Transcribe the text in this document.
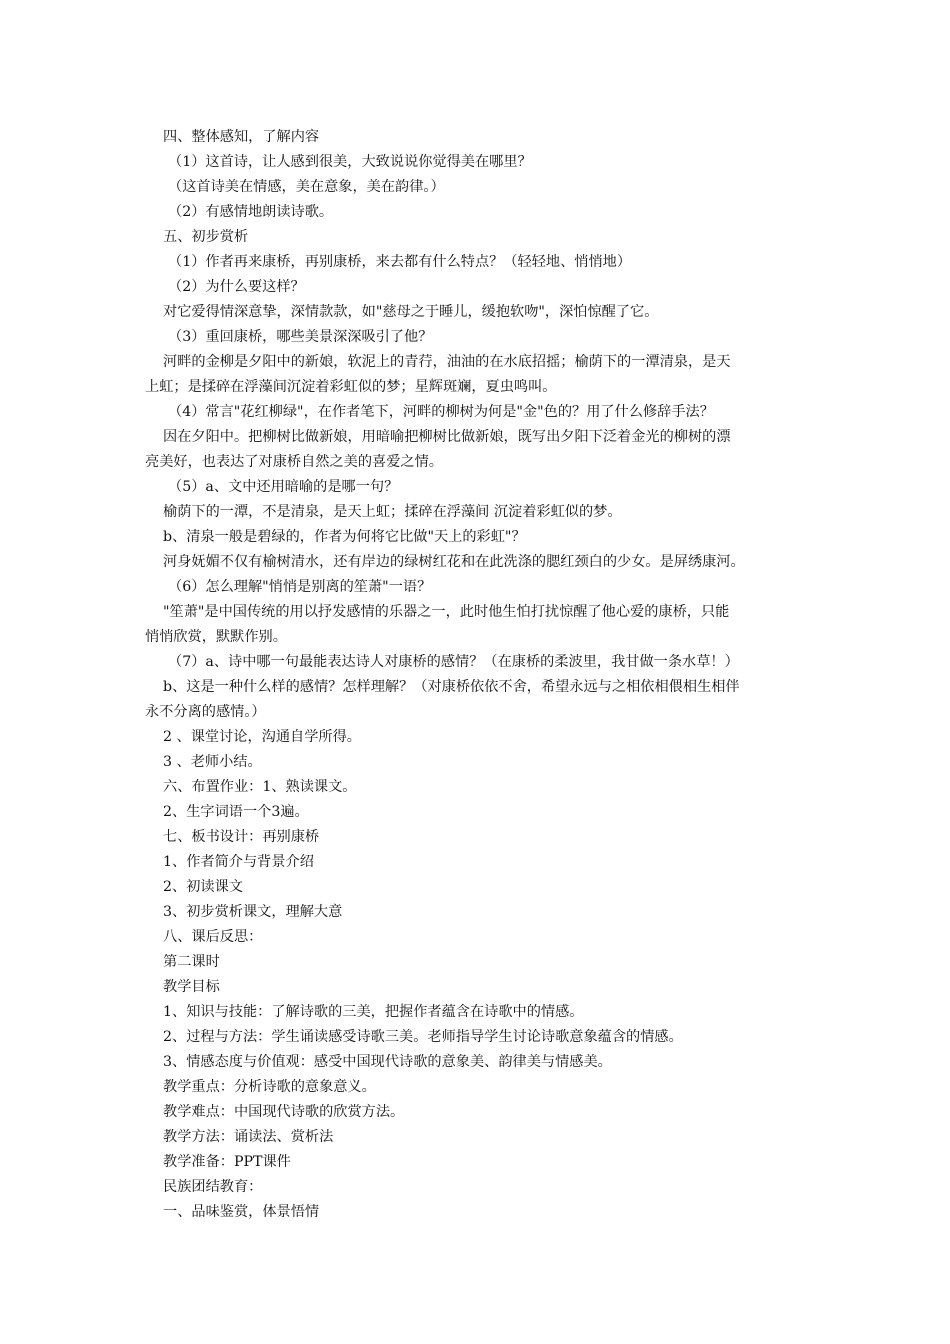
四、整体感知，了解内容
（1）这首诗，让人感到很美，大致说说你觉得美在哪里？
（这首诗美在情感，美在意象，美在韵律。）
（2）有感情地朗读诗歌。
五、初步赏析
（1）作者再来康桥，再别康桥，来去都有什么特点？（轻轻地、悄悄地）
（2）为什么要这样？
对它爱得情深意挚，深情款款，如"慈母之于睡儿，缓抱软吻"，深怕惊醒了它。
（3）重回康桥，哪些美景深深吸引了他？
河畔的金柳是夕阳中的新娘，软泥上的青荇，油油的在水底招摇；榆荫下的一潭清泉，是天
上虹；是揉碎在浮藻间沉淀着彩虹似的梦；星辉斑斓，夏虫鸣叫。
（4）常言"花红柳绿"，在作者笔下，河畔的柳树为何是"金"色的？用了什么修辞手法？
因在夕阳中。把柳树比做新娘，用暗喻把柳树比做新娘，既写出夕阳下泛着金光的柳树的漂
亮美好，也表达了对康桥自然之美的喜爱之情。
（5）a、文中还用暗喻的是哪一句？
榆荫下的一潭，不是清泉，是天上虹；揉碎在浮藻间 沉淀着彩虹似的梦。
b、清泉一般是碧绿的，作者为何将它比做"天上的彩虹"？
河身妩媚不仅有榆树清水，还有岸边的绿树红花和在此洗涤的腮红颈白的少女。是屏绣康河。
（6）怎么理解"悄悄是别离的笙萧"一语？
"笙萧"是中国传统的用以抒发感情的乐器之一，此时他生怕打扰惊醒了他心爱的康桥，只能
悄悄欣赏，默默作别。
（7）a、诗中哪一句最能表达诗人对康桥的感情？（在康桥的柔波里，我甘做一条水草！）
b、这是一种什么样的感情？怎样理解？（对康桥依依不舍，希望永远与之相依相偎相生相伴
永不分离的感情。）
2 、课堂讨论，沟通自学所得。
3 、老师小结。
六、布置作业：1、熟读课文。
2、生字词语一个3遍。
七、板书设计：再别康桥
1、作者简介与背景介绍
2、初读课文
3、初步赏析课文，理解大意
八、课后反思：
第二课时
教学目标
1、知识与技能：了解诗歌的三美，把握作者蕴含在诗歌中的情感。
2、过程与方法：学生诵读感受诗歌三美。老师指导学生讨论诗歌意象蕴含的情感。
3、情感态度与价值观：感受中国现代诗歌的意象美、韵律美与情感美。
教学重点：分析诗歌的意象意义。
教学难点：中国现代诗歌的欣赏方法。
教学方法：诵读法、赏析法
教学准备：PPT课件
民族团结教育：
一、品味鉴赏，体景悟情
